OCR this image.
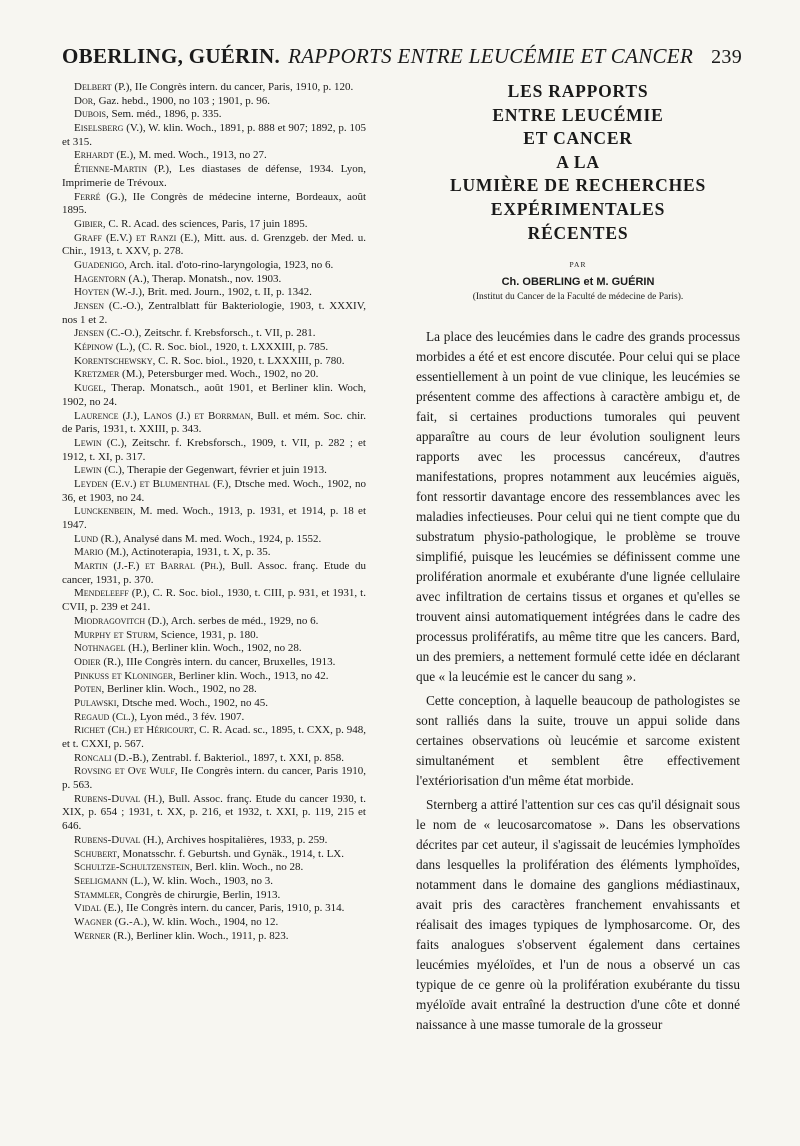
OBERLING, GUÉRIN. RAPPORTS ENTRE LEUCÉMIE ET CANCER 239

Delbert (P.), IIe Congrès intern. du cancer, Paris, 1910, p. 120.

Dor, Gaz. hebd., 1900, no 103 ; 1901, p. 96.

Dubois, Sem. méd., 1896, p. 335.

Eiselsberg (V.), W. klin. Woch., 1891, p. 888 et 907; 1892, p. 105 et 315.

Erhardt (E.), M. med. Woch., 1913, no 27.

Étienne-Martin (P.), Les diastases de défense, 1934. Lyon, Imprimerie de Trévoux.

Ferré (G.), IIe Congrès de médecine interne, Bordeaux, août 1895.

Gibier, C. R. Acad. des sciences, Paris, 17 juin 1895.

Graff (E.V.) et Ranzi (E.), Mitt. aus. d. Grenzgeb. der Med. u. Chir., 1913, t. XXV, p. 278.

Guadenigo, Arch. ital. d'oto-rino-laryngologia, 1923, no 6.

Hagentorn (A.), Therap. Monatsh., nov. 1903.

Hoyten (W.-J.), Brit. med. Journ., 1902, t. II, p. 1342.

Jensen (C.-O.), Zentralblatt für Bakteriologie, 1903, t. XXXIV, nos 1 et 2.

Jensen (C.-O.), Zeitschr. f. Krebsforsch., t. VII, p. 281.

Képinow (L.), (C. R. Soc. biol., 1920, t. LXXXIII, p. 785.

Korentschewsky, C. R. Soc. biol., 1920, t. LXXXIII, p. 780.

Kretzmer (M.), Petersburger med. Woch., 1902, no 20.

Kugel, Therap. Monatsch., août 1901, et Berliner klin. Woch, 1902, no 24.

Laurence (J.), Lanos (J.) et Borrman, Bull. et mém. Soc. chir. de Paris, 1931, t. XXIII, p. 343.

Lewin (C.), Zeitschr. f. Krebsforsch., 1909, t. VII, p. 282 ; et 1912, t. XI, p. 317.

Lewin (C.), Therapie der Gegenwart, février et juin 1913.

Leyden (E.v.) et Blumenthal (F.), Dtsche med. Woch., 1902, no 36, et 1903, no 24.

Lunckenbein, M. med. Woch., 1913, p. 1931, et 1914, p. 18 et 1947.

Lund (R.), Analysé dans M. med. Woch., 1924, p. 1552.

Mario (M.), Actinoterapia, 1931, t. X, p. 35.

Martin (J.-F.) et Barral (Ph.), Bull. Assoc. franç. Etude du cancer, 1931, p. 370.

Mendeleeff (P.), C. R. Soc. biol., 1930, t. CIII, p. 931, et 1931, t. CVII, p. 239 et 241.

Miodragovitch (D.), Arch. serbes de méd., 1929, no 6.

Murphy et Sturm, Science, 1931, p. 180.

Nothnagel (H.), Berliner klin. Woch., 1902, no 28.

Odier (R.), IIIe Congrès intern. du cancer, Bruxelles, 1913.

Pinkuss et Kloninger, Berliner klin. Woch., 1913, no 42.

Poten, Berliner klin. Woch., 1902, no 28.

Pulawski, Dtsche med. Woch., 1902, no 45.

Regaud (Cl.), Lyon méd., 3 fév. 1907.

Richet (Ch.) et Héricourt, C. R. Acad. sc., 1895, t. CXX, p. 948, et t. CXXI, p. 567.

Roncali (D.-B.), Zentrabl. f. Bakteriol., 1897, t. XXI, p. 858.

Rovsing et Ove Wulf, IIe Congrès intern. du cancer, Paris 1910, p. 563.

Rubens-Duval (H.), Bull. Assoc. franç. Etude du cancer 1930, t. XIX, p. 654 ; 1931, t. XX, p. 216, et 1932, t. XXI, p. 119, 215 et 646.

Rubens-Duval (H.), Archives hospitalières, 1933, p. 259.

Schubert, Monatsschr. f. Geburtsh. und Gynäk., 1914, t. LX.

Schultze-Schultzenstein, Berl. klin. Woch., no 28.

Seeligmann (L.), W. klin. Woch., 1903, no 3.

Stammler, Congrès de chirurgie, Berlin, 1913.

Vidal (E.), IIe Congrès intern. du cancer, Paris, 1910, p. 314.

Wagner (G.-A.), W. klin. Woch., 1904, no 12.

Werner (R.), Berliner klin. Woch., 1911, p. 823.

LES RAPPORTS
ENTRE LEUCÉMIE
ET CANCER
A LA
LUMIÈRE DE RECHERCHES
EXPÉRIMENTALES
RÉCENTES
PAR
Ch. OBERLING et M. GUÉRIN
(Institut du Cancer de la Faculté de médecine de Paris).

La place des leucémies dans le cadre des grands processus morbides a été et est encore discutée. Pour celui qui se place essentiellement à un point de vue clinique, les leucémies se présentent comme des affections à caractère ambigu et, de fait, si certaines productions tumorales qui peuvent apparaître au cours de leur évolution soulignent leurs rapports avec les processus cancéreux, d'autres manifestations, propres notamment aux leucémies aiguës, font ressortir davantage encore des ressemblances avec les maladies infectieuses. Pour celui qui ne tient compte que du substratum physio-pathologique, le problème se trouve simplifié, puisque les leucémies se définissent comme une prolifération anormale et exubérante d'une lignée cellulaire avec infiltration de certains tissus et organes et qu'elles se trouvent ainsi automatiquement intégrées dans le cadre des processus prolifératifs, au même titre que les cancers. Bard, un des premiers, a nettement formulé cette idée en déclarant que « la leucémie est le cancer du sang ».

Cette conception, à laquelle beaucoup de pathologistes se sont ralliés dans la suite, trouve un appui solide dans certaines observations où leucémie et sarcome existent simultanément et semblent être effectivement l'extériorisation d'un même état morbide.

Sternberg a attiré l'attention sur ces cas qu'il désignait sous le nom de « leucosarcomatose ». Dans les observations décrites par cet auteur, il s'agissait de leucémies lymphoïdes dans lesquelles la prolifération des éléments lymphoïdes, notamment dans le domaine des ganglions médiastinaux, avait pris des caractères franchement envahissants et réalisait des images typiques de lymphosarcome. Or, des faits analogues s'observent également dans certaines leucémies myéloïdes, et l'un de nous a observé un cas typique de ce genre où la prolifération exubérante du tissu myéloïde avait entraîné la destruction d'une côte et donné naissance à une masse tumorale de la grosseur
